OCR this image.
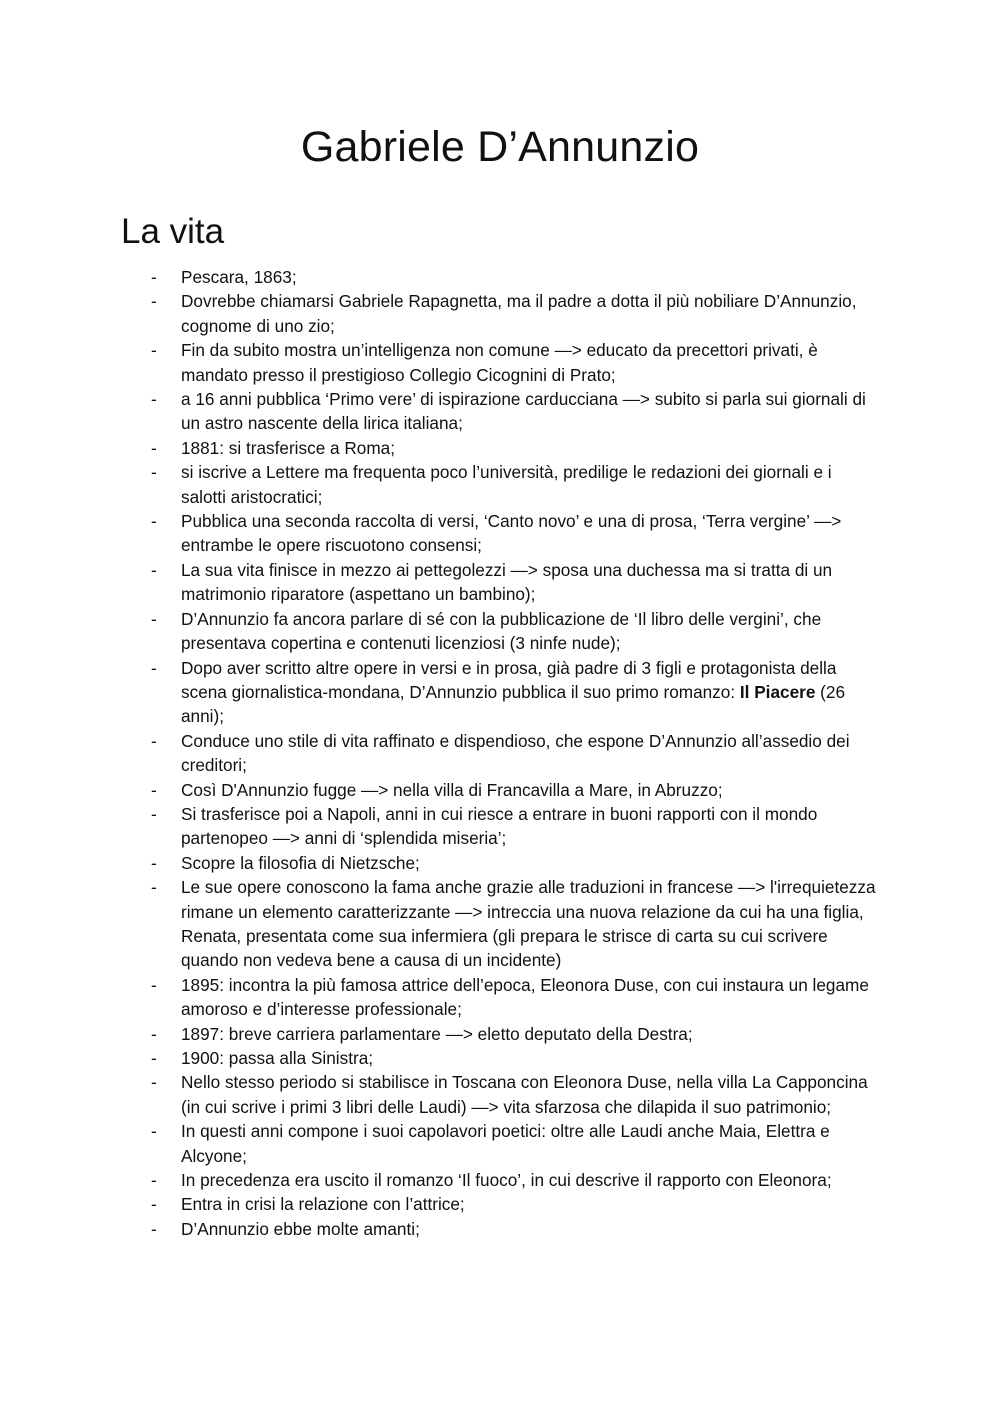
Gabriele D’Annunzio
La vita
- Pescara, 1863;
- Dovrebbe chiamarsi Gabriele Rapagnetta, ma il padre a dotta il più nobiliare D’Annunzio, cognome di uno zio;
- Fin da subito mostra un’intelligenza non comune —> educato da precettori privati, è mandato presso il prestigioso Collegio Cicognini di Prato;
- a 16 anni pubblica ‘Primo vere’ di ispirazione carducciana —> subito si parla sui giornali di un astro nascente della lirica italiana;
- 1881: si trasferisce a Roma;
- si iscrive a Lettere ma frequenta poco l’università, predilige le redazioni dei giornali e i salotti aristocratici;
- Pubblica una seconda raccolta di versi, ‘Canto novo’ e una di prosa, ‘Terra vergine’ —> entrambe le opere riscuotono consensi;
- La sua vita finisce in mezzo ai pettegolezzi —> sposa una duchessa ma si tratta di un matrimonio riparatore (aspettano un bambino);
- D’Annunzio fa ancora parlare di sé con la pubblicazione de ‘Il libro delle vergini’, che presentava copertina e contenuti licenziosi (3 ninfe nude);
- Dopo aver scritto altre opere in versi e in prosa, già padre di 3 figli e protagonista della scena giornalistica-mondana, D’Annunzio pubblica il suo primo romanzo: Il Piacere (26 anni);
- Conduce uno stile di vita raffinato e dispendioso, che espone D’Annunzio all’assedio dei creditori;
- Così D'Annunzio fugge —> nella villa di Francavilla a Mare, in Abruzzo;
- Si trasferisce poi a Napoli, anni in cui riesce a entrare in buoni rapporti con il mondo partenopeo —> anni di ‘splendida miseria’;
- Scopre la filosofia di Nietzsche;
- Le sue opere conoscono la fama anche grazie alle traduzioni in francese —> l'irrequietezza rimane un elemento caratterizzante —> intreccia una nuova relazione da cui ha una figlia, Renata, presentata come sua infermiera (gli prepara le strisce di carta su cui scrivere quando non vedeva bene a causa di un incidente)
- 1895: incontra la più famosa attrice dell’epoca, Eleonora Duse, con cui instaura un legame amoroso e d’interesse professionale;
- 1897: breve carriera parlamentare —> eletto deputato della Destra;
- 1900: passa alla Sinistra;
- Nello stesso periodo si stabilisce in Toscana con Eleonora Duse, nella villa La Capponcina (in cui scrive i primi 3 libri delle Laudi) —> vita sfarzosa che dilapida il suo patrimonio;
- In questi anni compone i suoi capolavori poetici: oltre alle Laudi anche Maia, Elettra e Alcyone;
- In precedenza era uscito il romanzo ‘Il fuoco’, in cui descrive il rapporto con Eleonora;
- Entra in crisi la relazione con l’attrice;
- D’Annunzio ebbe molte amanti;
